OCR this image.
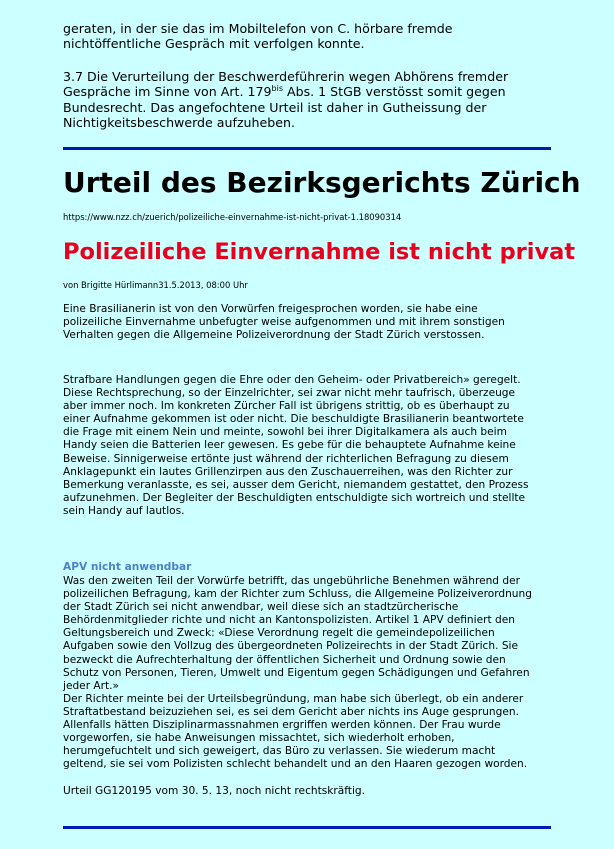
geraten, in der sie das im Mobiltelefon von C. hörbare fremde nichtöffentliche Gespräch mit verfolgen konnte.

3.7 Die Verurteilung der Beschwerdeführerin wegen Abhörens fremder Gespräche im Sinne von Art. $179^{bis}$ Abs. 1 StGB verstösst somit gegen Bundesrecht. Das angefochtene Urteil ist daher in Gutheissung der Nichtigkeitsbeschwerde aufzuheben.

Urteil des Bezirksgerichts Zürich

https://www.nzz.ch/zuerich/polizeiliche-einvernahme-ist-nicht-privat-1.18090314

Polizeiliche Einvernahme ist nicht privat

von Brigitte Hürlimann31.5.2013, 08:00 Uhr

Eine Brasilianerin ist von den Vorwürfen freigesprochen worden, sie habe eine polizeiliche Einvernahme unbefugter weise aufgenommen und mit ihrem sonstigen Verhalten gegen die Allgemeine Polizeiverordnung der Stadt Zürich verstossen.

Strafbare Handlungen gegen die Ehre oder den Geheim- oder Privatbereich» geregelt. Diese Rechtsprechung, so der Einzelrichter, sei zwar nicht mehr taufrisch, überzeuge aber immer noch. Im konkreten Zürcher Fall ist übrigens strittig, ob es überhaupt zu einer Aufnahme gekommen ist oder nicht. Die beschuldigte Brasilianerin beantwortete die Frage mit einem Nein und meinte, sowohl bei ihrer Digitalkamera als auch beim Handy seien die Batterien leer gewesen. Es gebe für die behauptete Aufnahme keine Beweise. Sinnigerweise ertönte just während der richterlichen Befragung zu diesem Anklagepunkt ein lautes Grillenzirpen aus den Zuschauerreihen, was den Richter zur Bemerkung veranlasste, es sei, ausser dem Gericht, niemandem gestattet, den Prozess aufzunehmen. Der Begleiter der Beschuldigten entschuldigte sich wortreich und stellte sein Handy auf lautlos.

APV nicht anwendbar

Was den zweiten Teil der Vorwürfe betrifft, das ungebührliche Benehmen während der polizeilichen Befragung, kam der Richter zum Schluss, die Allgemeine Polizeiverordnung der Stadt Zürich sei nicht anwendbar, weil diese sich an stadtzürcherische Behördenmitglieder richte und nicht an Kantonspolizisten. Artikel 1 APV definiert den Geltungsbereich und Zweck: «Diese Verordnung regelt die gemeindepolizeilichen Aufgaben sowie den Vollzug des übergeordneten Polizeirechts in der Stadt Zürich. Sie bezweckt die Aufrechterhaltung der öffentlichen Sicherheit und Ordnung sowie den Schutz von Personen, Tieren, Umwelt und Eigentum gegen Schädigungen und Gefahren jeder Art.»

Der Richter meinte bei der Urteilsbegründung, man habe sich überlegt, ob ein anderer Straftatbestand beizuziehen sei, es sei dem Gericht aber nichts ins Auge gesprungen. Allenfalls hätten Disziplinarmassnahmen ergriffen werden können. Der Frau wurde vorgeworfen, sie habe Anweisungen missachtet, sich wiederholt erhoben, herumgefuchtelt und sich geweigert, das Büro zu verlassen. Sie wiederum macht geltend, sie sei vom Polizisten schlecht behandelt und an den Haaren gezogen worden.

Urteil GG120195 vom 30. 5. 13, noch nicht rechtskräftig.
